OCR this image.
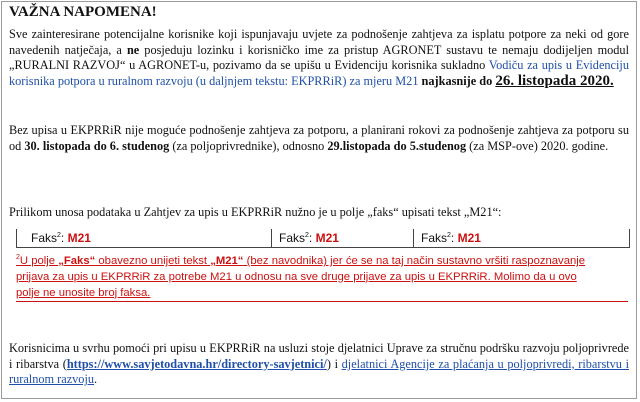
VAŽNA NAPOMENA!
Sve zainteresirane potencijalne korisnike koji ispunjavaju uvjete za podnošenje zahtjeva za isplatu potpore za neki od gore navedenih natječaja, a ne posjeduju lozinku i korisničko ime za pristup AGRONET sustavu te nemaju dodijeljen modul „RURALNI RAZVOJ“ u AGRONET-u, pozivamo da se upišu u Evidenciju korisnika sukladno Vodiču za upis u Evidenciju korisnika potpora u ruralnom razvoju (u daljnjem tekstu: EKPRRiR) za mjeru M21 najkasnije do 26. listopada 2020.
Bez upisa u EKPRRiR nije moguće podnošenje zahtjeva za potporu, a planirani rokovi za podnošenje zahtjeva za potporu su od 30. listopada do 6. studenog (za poljoprivrednike), odnosno 29.listopada do 5.studenog (za MSP-ove) 2020. godine.
Prilikom unosa podataka u Zahtjev za upis u EKPRRiR nužno je u polje „faks“ upisati tekst „M21“:
Faks$^2$: M21	Faks$^2$: M21	Faks$^2$: M21
$^2$U polje „Faks“ obavezno unijeti tekst „M21“ (bez navodnika) jer će se na taj način sustavno vršiti raspoznavanje
prijava za upis u EKPRRiR za potrebe M21 u odnosu na sve druge prijave za upis u EKPRRiR. Molimo da u ovo
polje ne unosite broj faksa.
Korisnicima u svrhu pomoći pri upisu u EKPRRiR na usluzi stoje djelatnici Uprave za stručnu podršku razvoju poljoprivrede i ribarstva (https://www.savjetodavna.hr/directory-savjetnici/) i djelatnici Agencije za plaćanja u poljoprivredi, ribarstvu i ruralnom razvoju.
